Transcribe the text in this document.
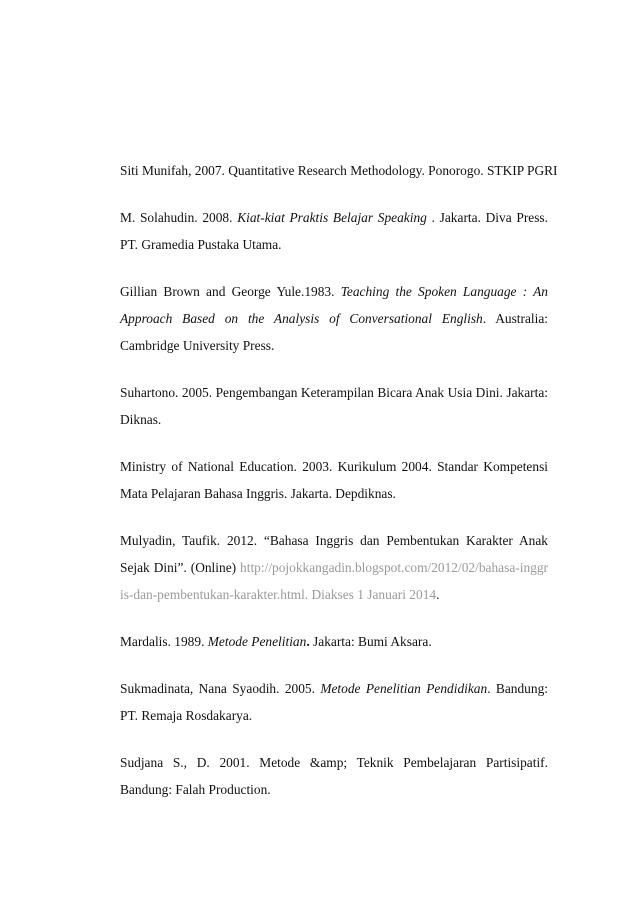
Siti Munifah, 2007. Quantitative Research Methodology. Ponorogo. STKIP PGRI

M. Solahudin. 2008. Kiat-kiat Praktis Belajar Speaking . Jakarta. Diva Press. PT. Gramedia Pustaka Utama.

Gillian Brown and George Yule.1983. Teaching the Spoken Language : An Approach Based on the Analysis of Conversational English. Australia: Cambridge University Press.

Suhartono. 2005. Pengembangan Keterampilan Bicara Anak Usia Dini. Jakarta: Diknas.

Ministry of National Education. 2003. Kurikulum 2004. Standar Kompetensi Mata Pelajaran Bahasa Inggris. Jakarta. Depdiknas.

Mulyadin, Taufik. 2012. “Bahasa Inggris dan Pembentukan Karakter Anak Sejak Dini”. (Online) http://pojokkangadin.blogspot.com/2012/02/bahasa-inggris-dan-pembentukan-karakter.html. Diakses 1 Januari 2014.

Mardalis. 1989. Metode Penelitian. Jakarta: Bumi Aksara.

Sukmadinata, Nana Syaodih. 2005. Metode Penelitian Pendidikan. Bandung: PT. Remaja Rosdakarya.

Sudjana S., D. 2001. Metode &amp; Teknik Pembelajaran Partisipatif. Bandung: Falah Production.
